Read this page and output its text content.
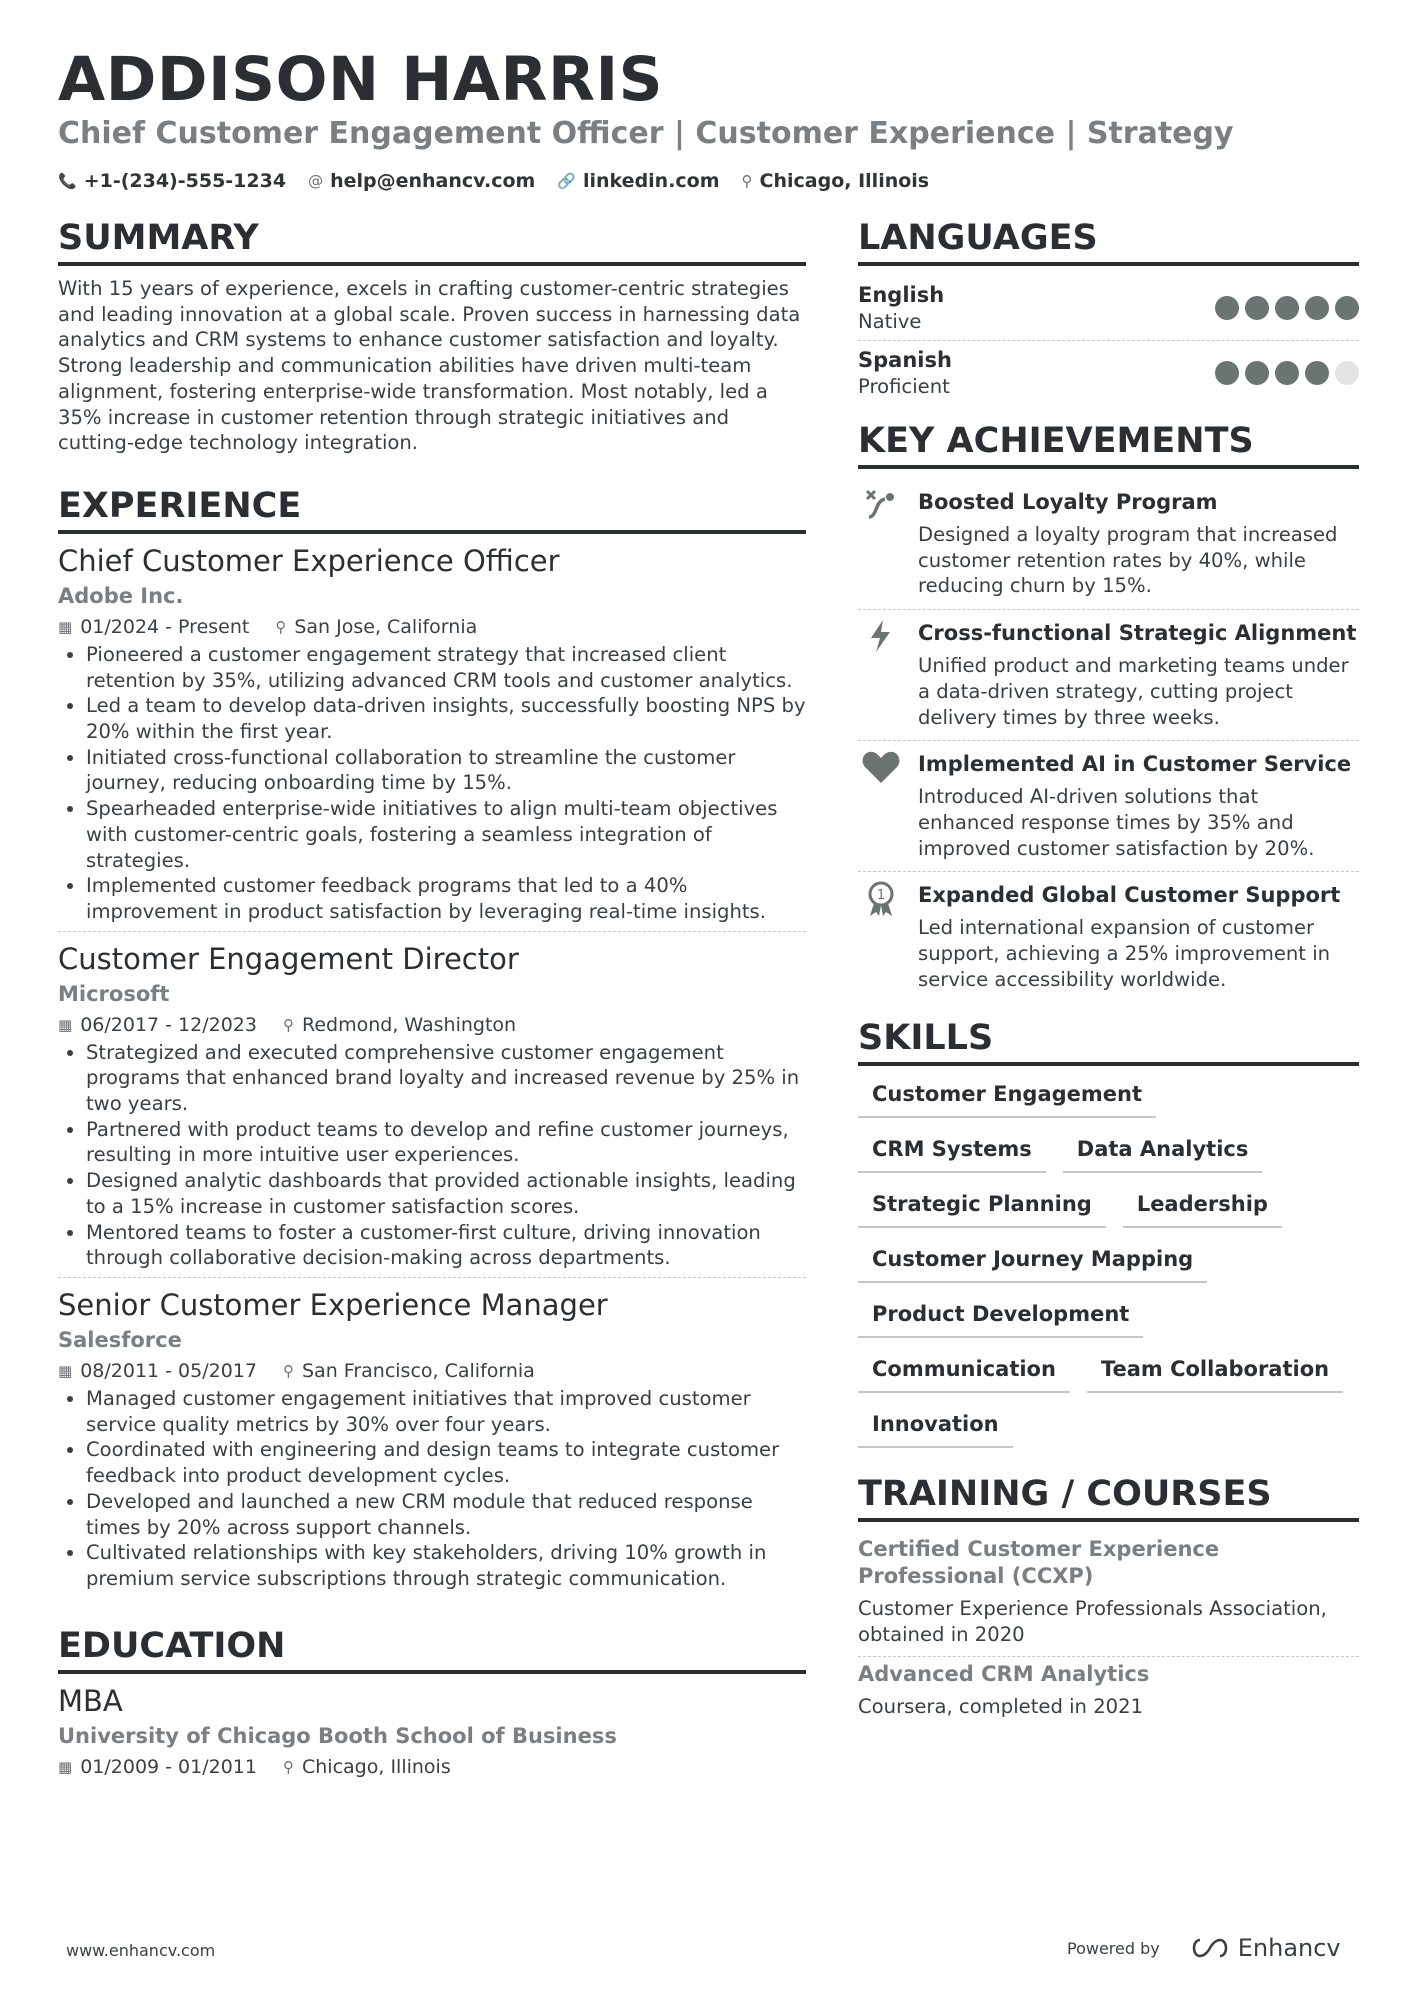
ADDISON HARRIS
Chief Customer Engagement Officer | Customer Experience | Strategy
📞 +1-(234)-555-1234 @ help@enhancv.com 🔗 linkedin.com ⚲ Chicago, Illinois
SUMMARY

With 15 years of experience, excels in crafting customer-centric strategies and leading innovation at a global scale. Proven success in harnessing data analytics and CRM systems to enhance customer satisfaction and loyalty. Strong leadership and communication abilities have driven multi-team alignment, fostering enterprise-wide transformation. Most notably, led a 35% increase in customer retention through strategic initiatives and cutting-edge technology integration.

EXPERIENCE
Chief Customer Experience Officer
Adobe Inc.
▦ 01/2024 - Present ⚲ San Jose, California
• Pioneered a customer engagement strategy that increased client retention by 35%, utilizing advanced CRM tools and customer analytics.
• Led a team to develop data-driven insights, successfully boosting NPS by 20% within the first year.
• Initiated cross-functional collaboration to streamline the customer journey, reducing onboarding time by 15%.
• Spearheaded enterprise-wide initiatives to align multi-team objectives with customer-centric goals, fostering a seamless integration of strategies.
• Implemented customer feedback programs that led to a 40% improvement in product satisfaction by leveraging real-time insights.
Customer Engagement Director
Microsoft
▦ 06/2017 - 12/2023 ⚲ Redmond, Washington
• Strategized and executed comprehensive customer engagement programs that enhanced brand loyalty and increased revenue by 25% in two years.
• Partnered with product teams to develop and refine customer journeys, resulting in more intuitive user experiences.
• Designed analytic dashboards that provided actionable insights, leading to a 15% increase in customer satisfaction scores.
• Mentored teams to foster a customer-first culture, driving innovation through collaborative decision-making across departments.
Senior Customer Experience Manager
Salesforce
▦ 08/2011 - 05/2017 ⚲ San Francisco, California
• Managed customer engagement initiatives that improved customer service quality metrics by 30% over four years.
• Coordinated with engineering and design teams to integrate customer feedback into product development cycles.
• Developed and launched a new CRM module that reduced response times by 20% across support channels.
• Cultivated relationships with key stakeholders, driving 10% growth in premium service subscriptions through strategic communication.
EDUCATION
MBA
University of Chicago Booth School of Business
▦ 01/2009 - 01/2011 ⚲ Chicago, Illinois
LANGUAGES
English
Native
Spanish
Proficient
KEY ACHIEVEMENTS
Boosted Loyalty Program
Designed a loyalty program that increased customer retention rates by 40%, while reducing churn by 15%.
Cross-functional Strategic Alignment
Unified product and marketing teams under a data-driven strategy, cutting project delivery times by three weeks.
Implemented AI in Customer Service
Introduced AI-driven solutions that enhanced response times by 35% and improved customer satisfaction by 20%.
1 Expanded Global Customer Support
Led international expansion of customer support, achieving a 25% improvement in service accessibility worldwide.
SKILLS
Customer Engagement
CRM Systems	Data Analytics
Strategic Planning	Leadership
Customer Journey Mapping
Product Development
Communication	Team Collaboration
Innovation
TRAINING / COURSES
Certified Customer Experience Professional (CCXP)
Customer Experience Professionals Association, obtained in 2020
Advanced CRM Analytics
Coursera, completed in 2021
www.enhancv.com	Powered by	Enhancv
